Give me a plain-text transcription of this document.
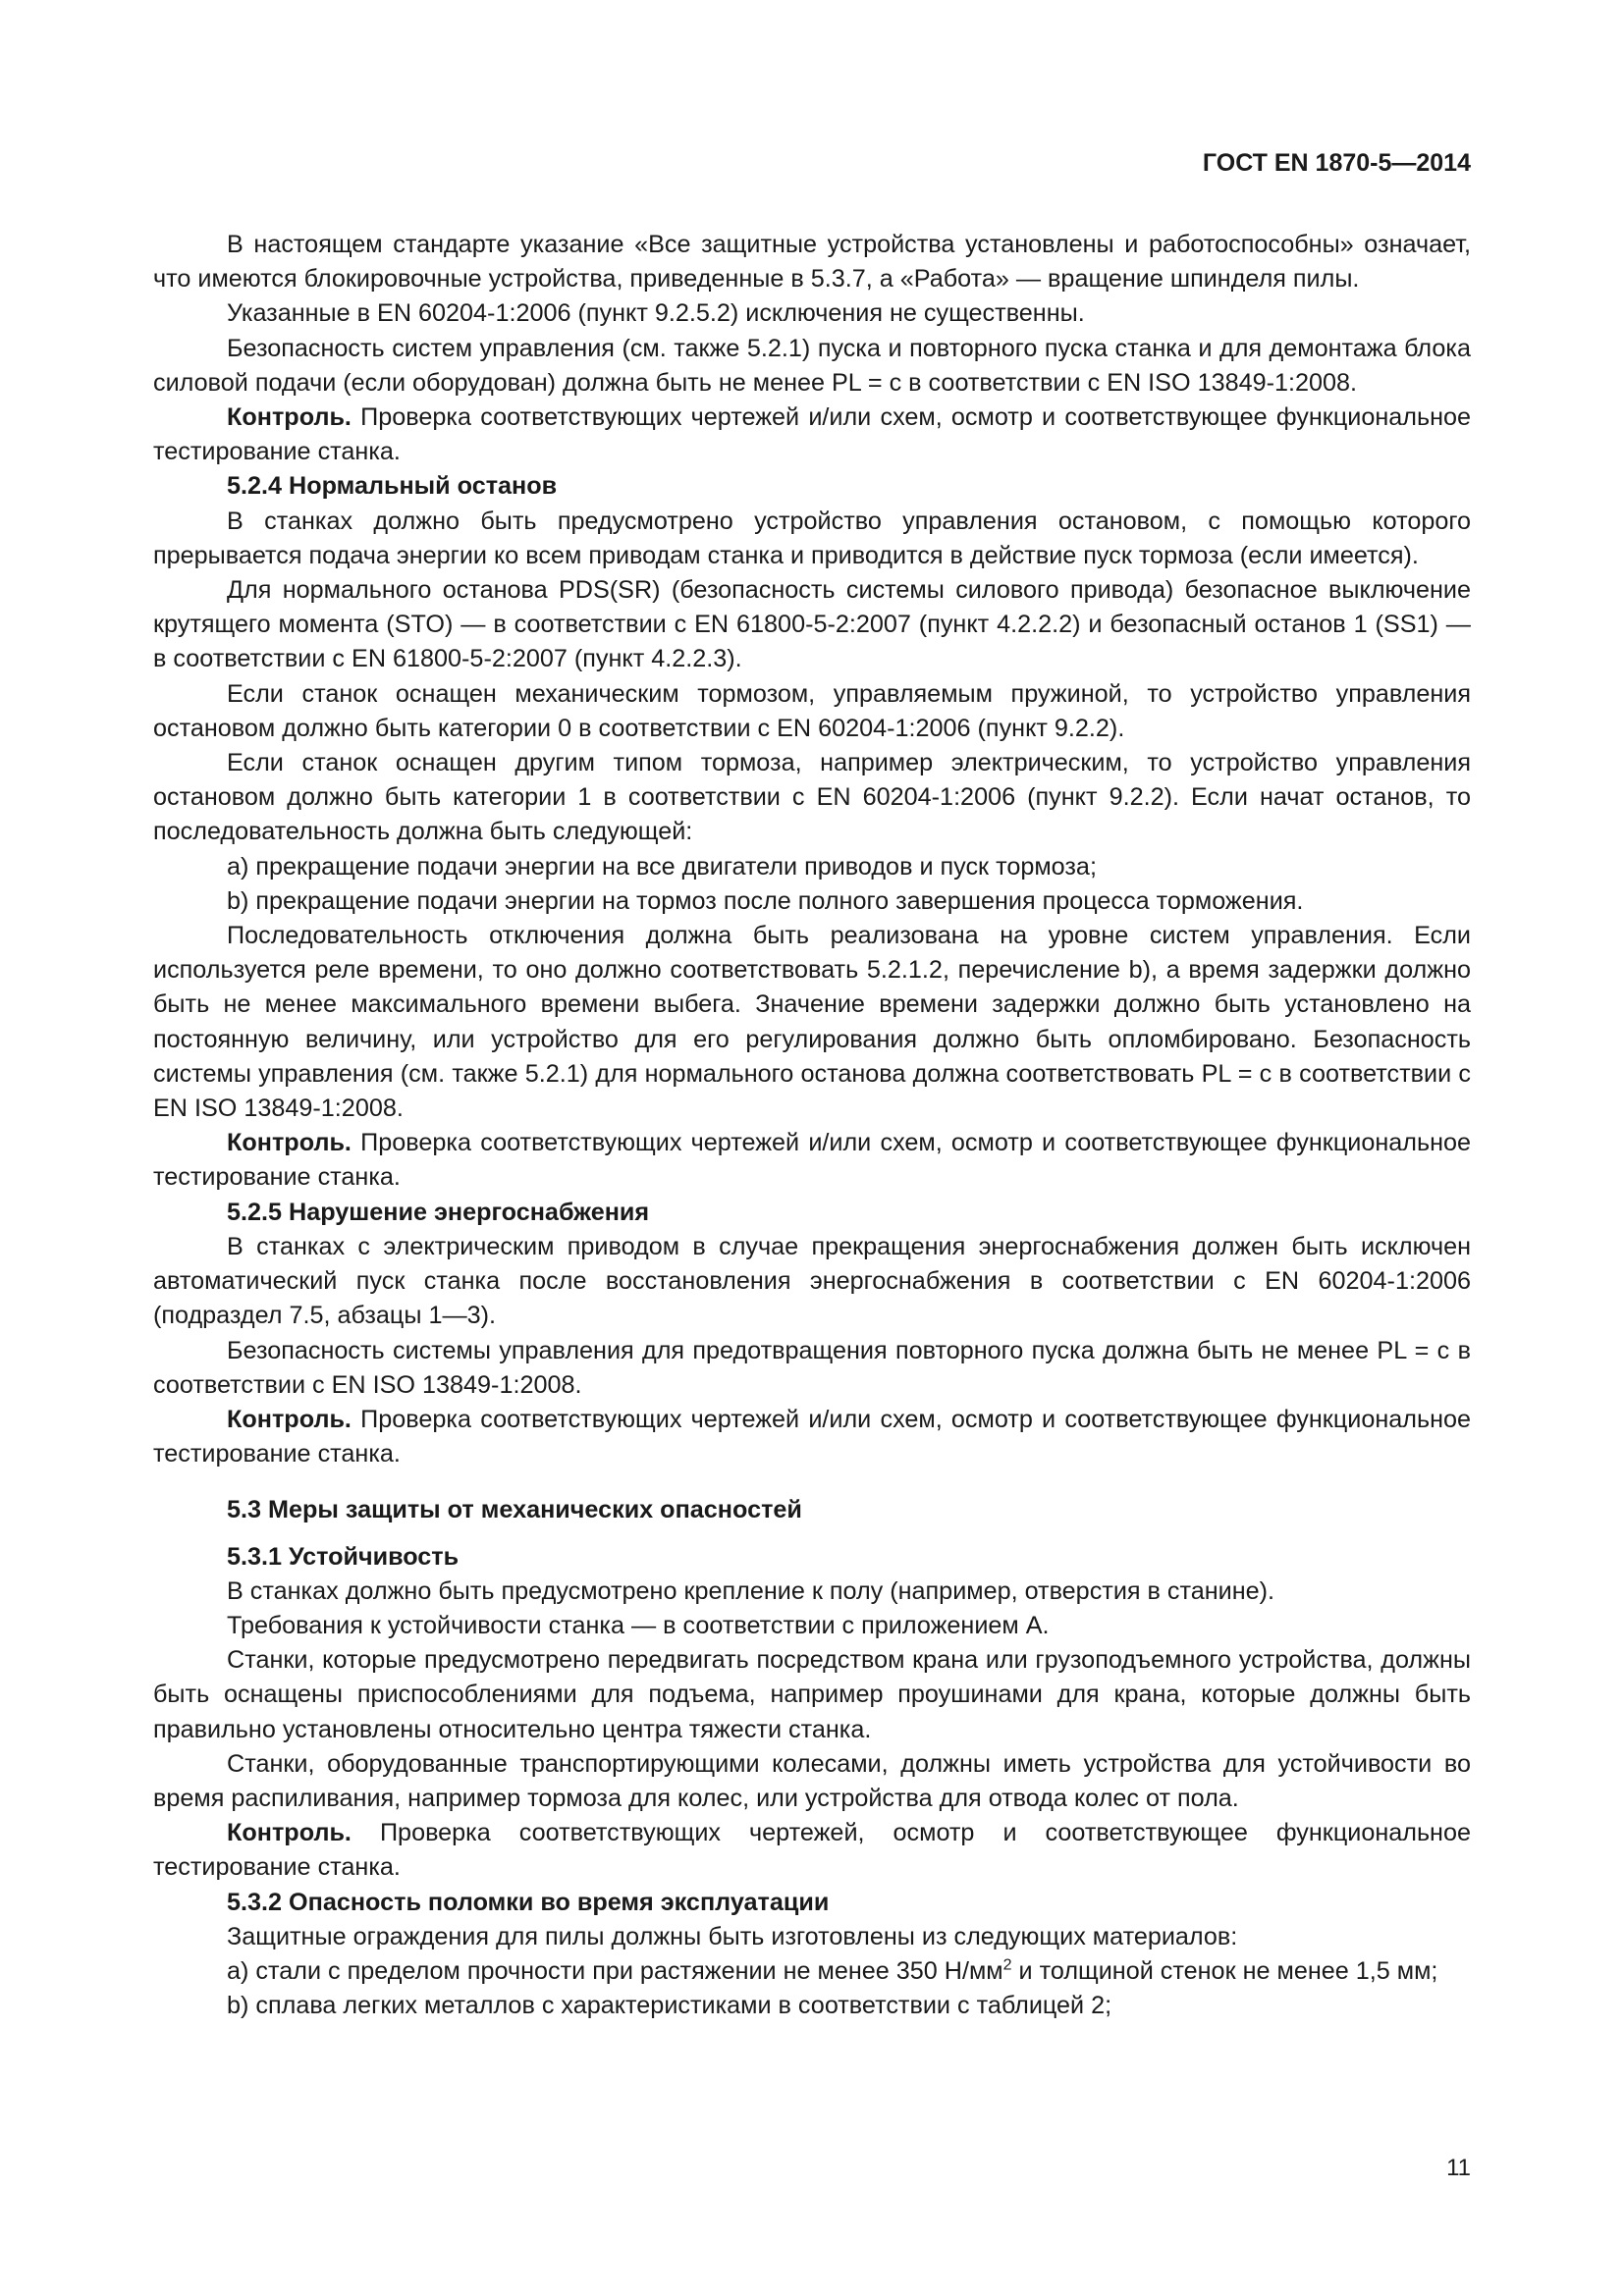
ГОСТ EN 1870-5—2014

В настоящем стандарте указание «Все защитные устройства установлены и работоспособны» означает, что имеются блокировочные устройства, приведенные в 5.3.7, а «Работа» — вращение шпинделя пилы.

Указанные в EN 60204-1:2006 (пункт 9.2.5.2) исключения не существенны.

Безопасность систем управления (см. также 5.2.1) пуска и повторного пуска станка и для демонтажа блока силовой подачи (если оборудован) должна быть не менее PL = c в соответствии с EN ISO 13849-1:2008.

Контроль. Проверка соответствующих чертежей и/или схем, осмотр и соответствующее функциональное тестирование станка.

5.2.4 Нормальный останов

В станках должно быть предусмотрено устройство управления остановом, с помощью которого прерывается подача энергии ко всем приводам станка и приводится в действие пуск тормоза (если имеется).

Для нормального останова PDS(SR) (безопасность системы силового привода) безопасное выключение крутящего момента (STO) — в соответствии с EN 61800-5-2:2007 (пункт 4.2.2.2) и безопасный останов 1 (SS1) — в соответствии с EN 61800-5-2:2007 (пункт 4.2.2.3).

Если станок оснащен механическим тормозом, управляемым пружиной, то устройство управления остановом должно быть категории 0 в соответствии с EN 60204-1:2006 (пункт 9.2.2).

Если станок оснащен другим типом тормоза, например электрическим, то устройство управления остановом должно быть категории 1 в соответствии с EN 60204-1:2006 (пункт 9.2.2). Если начат останов, то последовательность должна быть следующей:

a) прекращение подачи энергии на все двигатели приводов и пуск тормоза;

b) прекращение подачи энергии на тормоз после полного завершения процесса торможения.

Последовательность отключения должна быть реализована на уровне систем управления. Если используется реле времени, то оно должно соответствовать 5.2.1.2, перечисление b), а время задержки должно быть не менее максимального времени выбега. Значение времени задержки должно быть установлено на постоянную величину, или устройство для его регулирования должно быть опломбировано. Безопасность системы управления (см. также 5.2.1) для нормального останова должна соответствовать PL = c в соответствии с EN ISO 13849-1:2008.

Контроль. Проверка соответствующих чертежей и/или схем, осмотр и соответствующее функциональное тестирование станка.

5.2.5 Нарушение энергоснабжения

В станках с электрическим приводом в случае прекращения энергоснабжения должен быть исключен автоматический пуск станка после восстановления энергоснабжения в соответствии с EN 60204-1:2006 (подраздел 7.5, абзацы 1—3).

Безопасность системы управления для предотвращения повторного пуска должна быть не менее PL = c в соответствии с EN ISO 13849-1:2008.

Контроль. Проверка соответствующих чертежей и/или схем, осмотр и соответствующее функциональное тестирование станка.

5.3 Меры защиты от механических опасностей
5.3.1 Устойчивость

В станках должно быть предусмотрено крепление к полу (например, отверстия в станине).

Требования к устойчивости станка — в соответствии с приложением A.

Станки, которые предусмотрено передвигать посредством крана или грузоподъемного устройства, должны быть оснащены приспособлениями для подъема, например проушинами для крана, которые должны быть правильно установлены относительно центра тяжести станка.

Станки, оборудованные транспортирующими колесами, должны иметь устройства для устойчивости во время распиливания, например тормоза для колес, или устройства для отвода колес от пола.

Контроль. Проверка соответствующих чертежей, осмотр и соответствующее функциональное тестирование станка.

5.3.2 Опасность поломки во время эксплуатации

Защитные ограждения для пилы должны быть изготовлены из следующих материалов:

a) стали с пределом прочности при растяжении не менее 350 $Н/мм^2$ и толщиной стенок не менее 1,5 мм;

b) сплава легких металлов с характеристиками в соответствии с таблицей 2;

11
